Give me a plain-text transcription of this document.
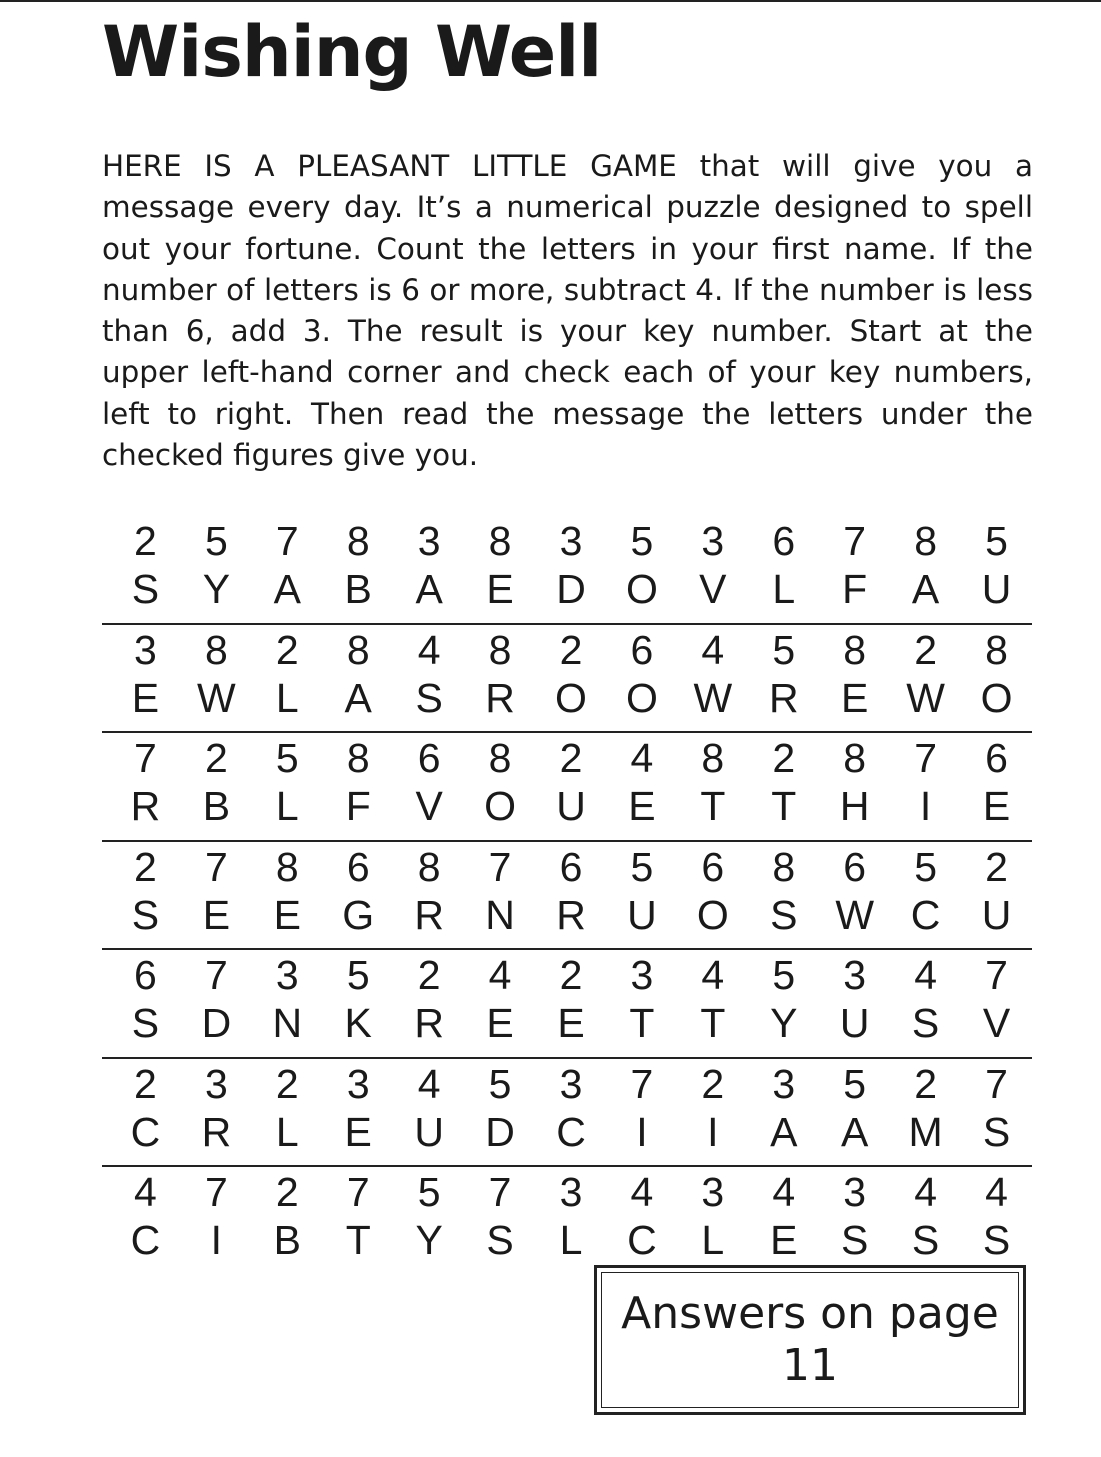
Wishing Well

HERE IS A PLEASANT LITTLE GAME that will give you a message every day. It’s a numerical puzzle designed to spell out your fortune. Count the letters in your first name. If the number of letters is 6 or more, subtract 4. If the number is less than 6, add 3. The result is your key number. Start at the upper left-​hand corner and check each of your key numbers, left to right. Then read the message the letters under the checked figures give you.

2	5	7	8	3	8	3	5	3	6	7	8	5
S	Y	A	B	A	E	D O	V	L	F	A	U
3	8	2	8	4	8	2	6	4	5	8	2	8
E W L	A	S	R O O W R	E W O
7	2	5	8	6	8	2	4	8	2	8	7	6
R	B	L	F	V	O U	E	T	T	H	I	E
2	7	8	6	8	7	6	5	6	8	6	5	2
S	E	E	G R	N	R	U O	S W C	U
6	7	3	5	2	4	2	3	4	5	3	4	7
S	D	N	K	R	E	E	T	T	Y	U	S	V
2	3	2	3	4	5	3	7	2	3	5	2	7
C	R	L	E	U	D	C	I	I	A	A M S
4	7	2	7	5	7	3	4	3	4	3	4	4
C	I	B	T	Y	S	L	C	L	E	S	S	S
Answers on page
11
